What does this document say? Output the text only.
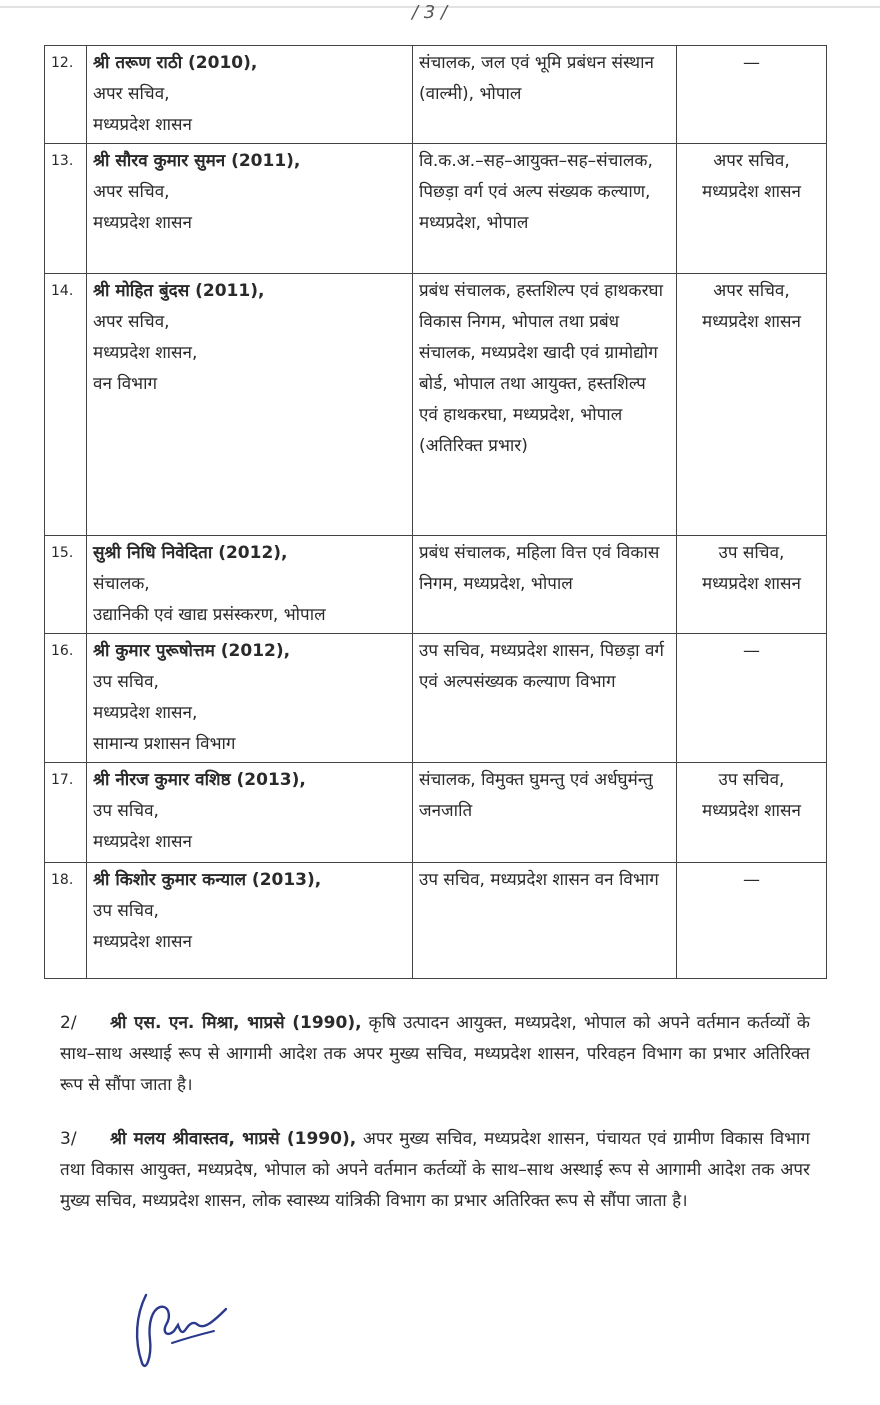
/ 3 /
12.	श्री तरूण राठी (2010),
अपर सचिव,
मध्यप्रदेश शासन	संचालक, जल एवं भूमि प्रबंधन संस्थान (वाल्मी), भोपाल	—

13.	श्री सौरव कुमार सुमन (2011),
अपर सचिव,
मध्यप्रदेश शासन	वि.क.अ.–सह–आयुक्त–सह–संचालक, पिछड़ा वर्ग एवं अल्प संख्यक कल्याण, मध्यप्रदेश, भोपाल	अपर सचिव,
मध्यप्रदेश शासन

14.	श्री मोहित बुंदस (2011),
अपर सचिव,
मध्यप्रदेश शासन,
वन विभाग	प्रबंध संचालक, हस्तशिल्प एवं हाथकरघा विकास निगम, भोपाल तथा प्रबंध संचालक, मध्यप्रदेश खादी एवं ग्रामोद्योग बोर्ड, भोपाल तथा आयुक्त, हस्तशिल्प एवं हाथकरघा, मध्यप्रदेश, भोपाल (अतिरिक्त प्रभार)	अपर सचिव,
मध्यप्रदेश शासन

15.	सुश्री निधि निवेदिता (2012),
संचालक,
उद्यानिकी एवं खाद्य प्रसंस्करण, भोपाल	प्रबंध संचालक, महिला वित्त एवं विकास निगम, मध्यप्रदेश, भोपाल	उप सचिव,
मध्यप्रदेश शासन

16.	श्री कुमार पुरूषोत्तम (2012),
उप सचिव,
मध्यप्रदेश शासन,
सामान्य प्रशासन विभाग	उप सचिव, मध्यप्रदेश शासन, पिछड़ा वर्ग एवं अल्पसंख्यक कल्याण विभाग	—

17.	श्री नीरज कुमार वशिष्ठ (2013),
उप सचिव,
मध्यप्रदेश शासन	संचालक, विमुक्त घुमन्तु एवं अर्धघुमंन्तु जनजाति	उप सचिव,
मध्यप्रदेश शासन

18.	श्री किशोर कुमार कन्याल (2013),
उप सचिव,
मध्यप्रदेश शासन	उप सचिव, मध्यप्रदेश शासन वन विभाग	—
2/ श्री एस. एन. मिश्रा, भाप्रसे (1990), कृषि उत्पादन आयुक्त, मध्यप्रदेश, भोपाल को अपने वर्तमान कर्तव्यों के साथ–साथ अस्थाई रूप से आगामी आदेश तक अपर मुख्य सचिव, मध्यप्रदेश शासन, परिवहन विभाग का प्रभार अतिरिक्त रूप से सौंपा जाता है।
3/ श्री मलय श्रीवास्तव, भाप्रसे (1990), अपर मुख्य सचिव, मध्यप्रदेश शासन, पंचायत एवं ग्रामीण विकास विभाग तथा विकास आयुक्त, मध्यप्रदेष, भोपाल को अपने वर्तमान कर्तव्यों के साथ–साथ अस्थाई रूप से आगामी आदेश तक अपर मुख्य सचिव, मध्यप्रदेश शासन, लोक स्वास्थ्य यांत्रिकी विभाग का प्रभार अतिरिक्त रूप से सौंपा जाता है।
